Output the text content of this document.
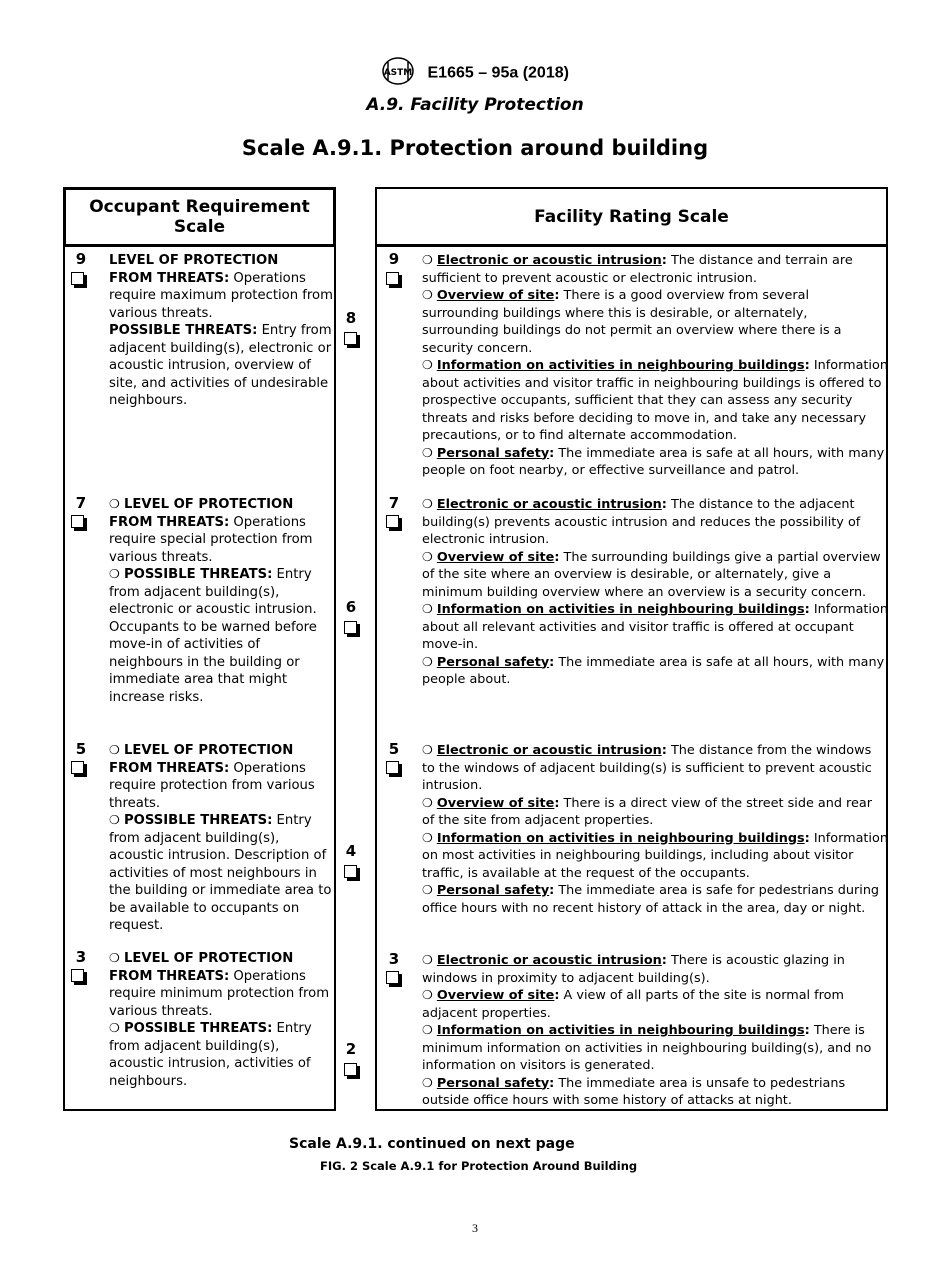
ASTM E1665 – 95a (2018)
A.9. Facility Protection
Scale A.9.1. Protection around building
Occupant Requirement
Scale
Facility Rating Scale
9	LEVEL OF PROTECTION
FROM THREATS: Operations require maximum protection from various threats.
POSSIBLE THREATS: Entry from adjacent building(s), electronic or acoustic intrusion, overview of site, and activities of undesirable neighbours.
7	❍ LEVEL OF PROTECTION
FROM THREATS: Operations require special protection from various threats.
❍ POSSIBLE THREATS: Entry from adjacent building(s), electronic or acoustic intrusion. Occupants to be warned before move-in of activities of neighbours in the building or immediate area that might increase risks.
5	❍ LEVEL OF PROTECTION
FROM THREATS: Operations require protection from various threats.
❍ POSSIBLE THREATS: Entry from adjacent building(s), acoustic intrusion. Description of activities of most neighbours in the building or immediate area to be available to occupants on request.
3	❍ LEVEL OF PROTECTION
FROM THREATS: Operations require minimum protection from various threats.
❍ POSSIBLE THREATS: Entry from adjacent building(s), acoustic intrusion, activities of neighbours.
8
6
4
2
9	❍ Electronic or acoustic intrusion: The distance and terrain are sufficient to prevent acoustic or electronic intrusion.
❍ Overview of site: There is a good overview from several surrounding buildings where this is desirable, or alternately, surrounding buildings do not permit an overview where there is a security concern.
❍ Information on activities in neighbouring buildings: Information about activities and visitor traffic in neighbouring buildings is offered to prospective occupants, sufficient that they can assess any security threats and risks before deciding to move in, and take any necessary precautions, or to find alternate accommodation.
❍ Personal safety: The immediate area is safe at all hours, with many people on foot nearby, or effective surveillance and patrol.
7	❍ Electronic or acoustic intrusion: The distance to the adjacent building(s) prevents acoustic intrusion and reduces the possibility of electronic intrusion.
❍ Overview of site: The surrounding buildings give a partial overview of the site where an overview is desirable, or alternately, give a minimum building overview where an overview is a security concern.
❍ Information on activities in neighbouring buildings: Information about all relevant activities and visitor traffic is offered at occupant move-in.
❍ Personal safety: The immediate area is safe at all hours, with many people about.
5	❍ Electronic or acoustic intrusion: The distance from the windows to the windows of adjacent building(s) is sufficient to prevent acoustic intrusion.
❍ Overview of site: There is a direct view of the street side and rear of the site from adjacent properties.
❍ Information on activities in neighbouring buildings: Information on most activities in neighbouring buildings, including about visitor traffic, is available at the request of the occupants.
❍ Personal safety: The immediate area is safe for pedestrians during office hours with no recent history of attack in the area, day or night.
3	❍ Electronic or acoustic intrusion: There is acoustic glazing in windows in proximity to adjacent building(s).
❍ Overview of site: A view of all parts of the site is normal from adjacent properties.
❍ Information on activities in neighbouring buildings: There is minimum information on activities in neighbouring building(s), and no information on visitors is generated.
❍ Personal safety: The immediate area is unsafe to pedestrians outside office hours with some history of attacks at night.
Scale A.9.1. continued on next page
FIG. 2 Scale A.9.1 for Protection Around Building
3
